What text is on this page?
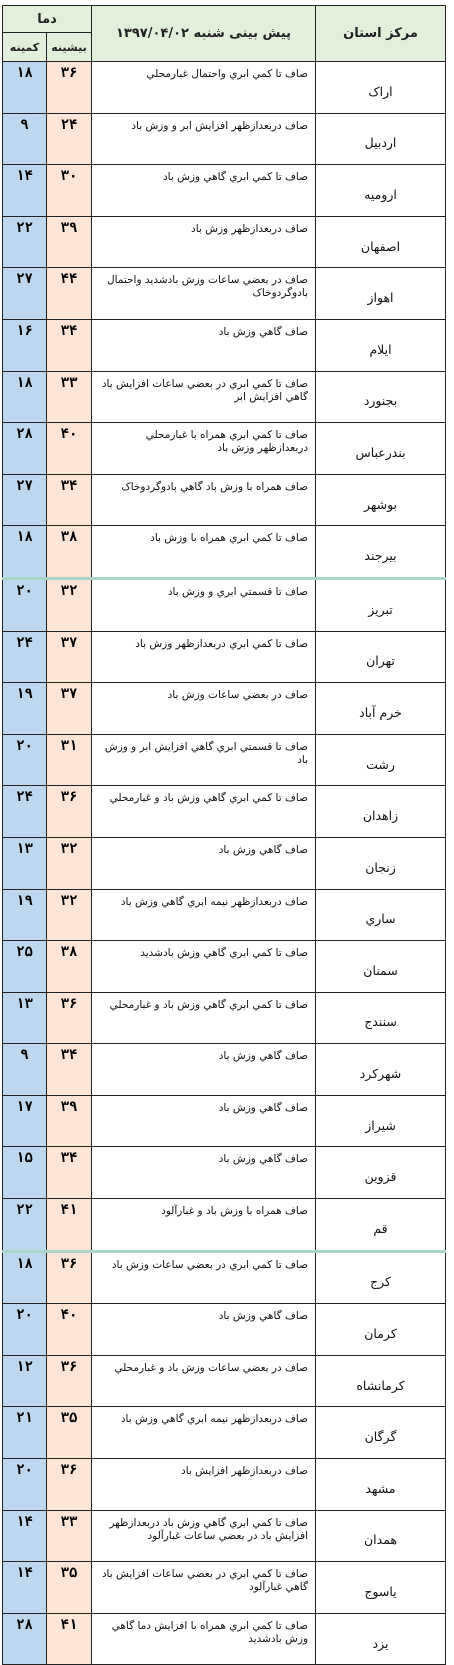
دما		پیش بینی شنبه ۱۳۹۷/۰۴/۰۲	مرکز استان
کمینه	بیشینه		
۱۸	۳۶	صاف تا کمي ابري واحتمال غبارمحلي	اراک
۹	۲۴	صاف دربعدازظهر افزايش ابر و وزش باد	اردبيل
۱۴	۳۰	صاف تا کمي ابري گاهي وزش باد	اروميه
۲۲	۳۹	صاف دربعدازظهر وزش باد	اصفهان
۲۷	۴۴	صاف در بعضي ساعات وزش بادشديد واحتمال بادوگردوخاک	اهواز
۱۶	۳۴	صاف گاهي وزش باد	ايلام
۱۸	۳۳	صاف تا کمي ابري در بعضي ساعات افزايش باد گاهي افزايش ابر	بجنورد
۲۸	۴۰	صاف تا کمي ابري همراه با غبارمحلي دربعدازظهر وزش باد	بندرعباس
۲۷	۳۴	صاف همراه با وزش باد گاهي بادوگردوخاک	بوشهر
۱۸	۳۸	صاف تا کمي ابري همراه با وزش باد	بيرجند
۲۰	۳۲	صاف تا قسمتي ابري و وزش باد	تبريز
۲۴	۳۷	صاف تا کمي ابري دربعدازظهر وزش باد	تهران
۱۹	۳۷	صاف در بعضي ساعات وزش باد	خرم آباد
۲۰	۳۱	صاف تا قسمتي ابري گاهي افزايش ابر و وزش باد	رشت
۲۴	۳۶	صاف تا کمي ابري گاهي وزش باد و غبارمحلي	زاهدان
۱۳	۳۲	صاف گاهي وزش باد	زنجان
۱۹	۳۲	صاف دربعدازظهر نيمه ابري گاهي وزش باد	ساري
۲۵	۳۸	صاف تا کمي ابري گاهي وزش بادشديد	سمنان
۱۳	۳۶	صاف تا کمي ابري گاهي وزش باد و غبارمحلي	سنندج
۹	۳۴	صاف گاهي وزش باد	شهرکرد
۱۷	۳۹	صاف گاهي وزش باد	شيراز
۱۵	۳۴	صاف گاهي وزش باد	قزوين
۲۲	۴۱	صاف همراه با وزش باد و غبارآلود	قم
۱۸	۳۶	صاف تا کمي ابري در بعضي ساعات وزش باد	کرج
۲۰	۴۰	صاف گاهي وزش باد	کرمان
۱۲	۳۶	صاف در بعضي ساعات وزش باد و غبارمحلي	کرمانشاه
۲۱	۳۵	صاف دربعدازظهر نيمه ابري گاهي وزش باد	گرگان
۲۰	۳۶	صاف دربعدازظهر افزايش باد	مشهد
۱۴	۳۳	صاف تا کمي ابري گاهي وزش باد دربعدازظهر افزايش باد در بعضي ساعات غبارآلود	همدان
۱۴	۳۵	صاف تا کمي ابري در بعضي ساعات افزايش باد گاهي غبارآلود	ياسوج
۲۸	۴۱	صاف تا کمي ابري همراه با افزايش دما گاهي وزش بادشديد	يزد
